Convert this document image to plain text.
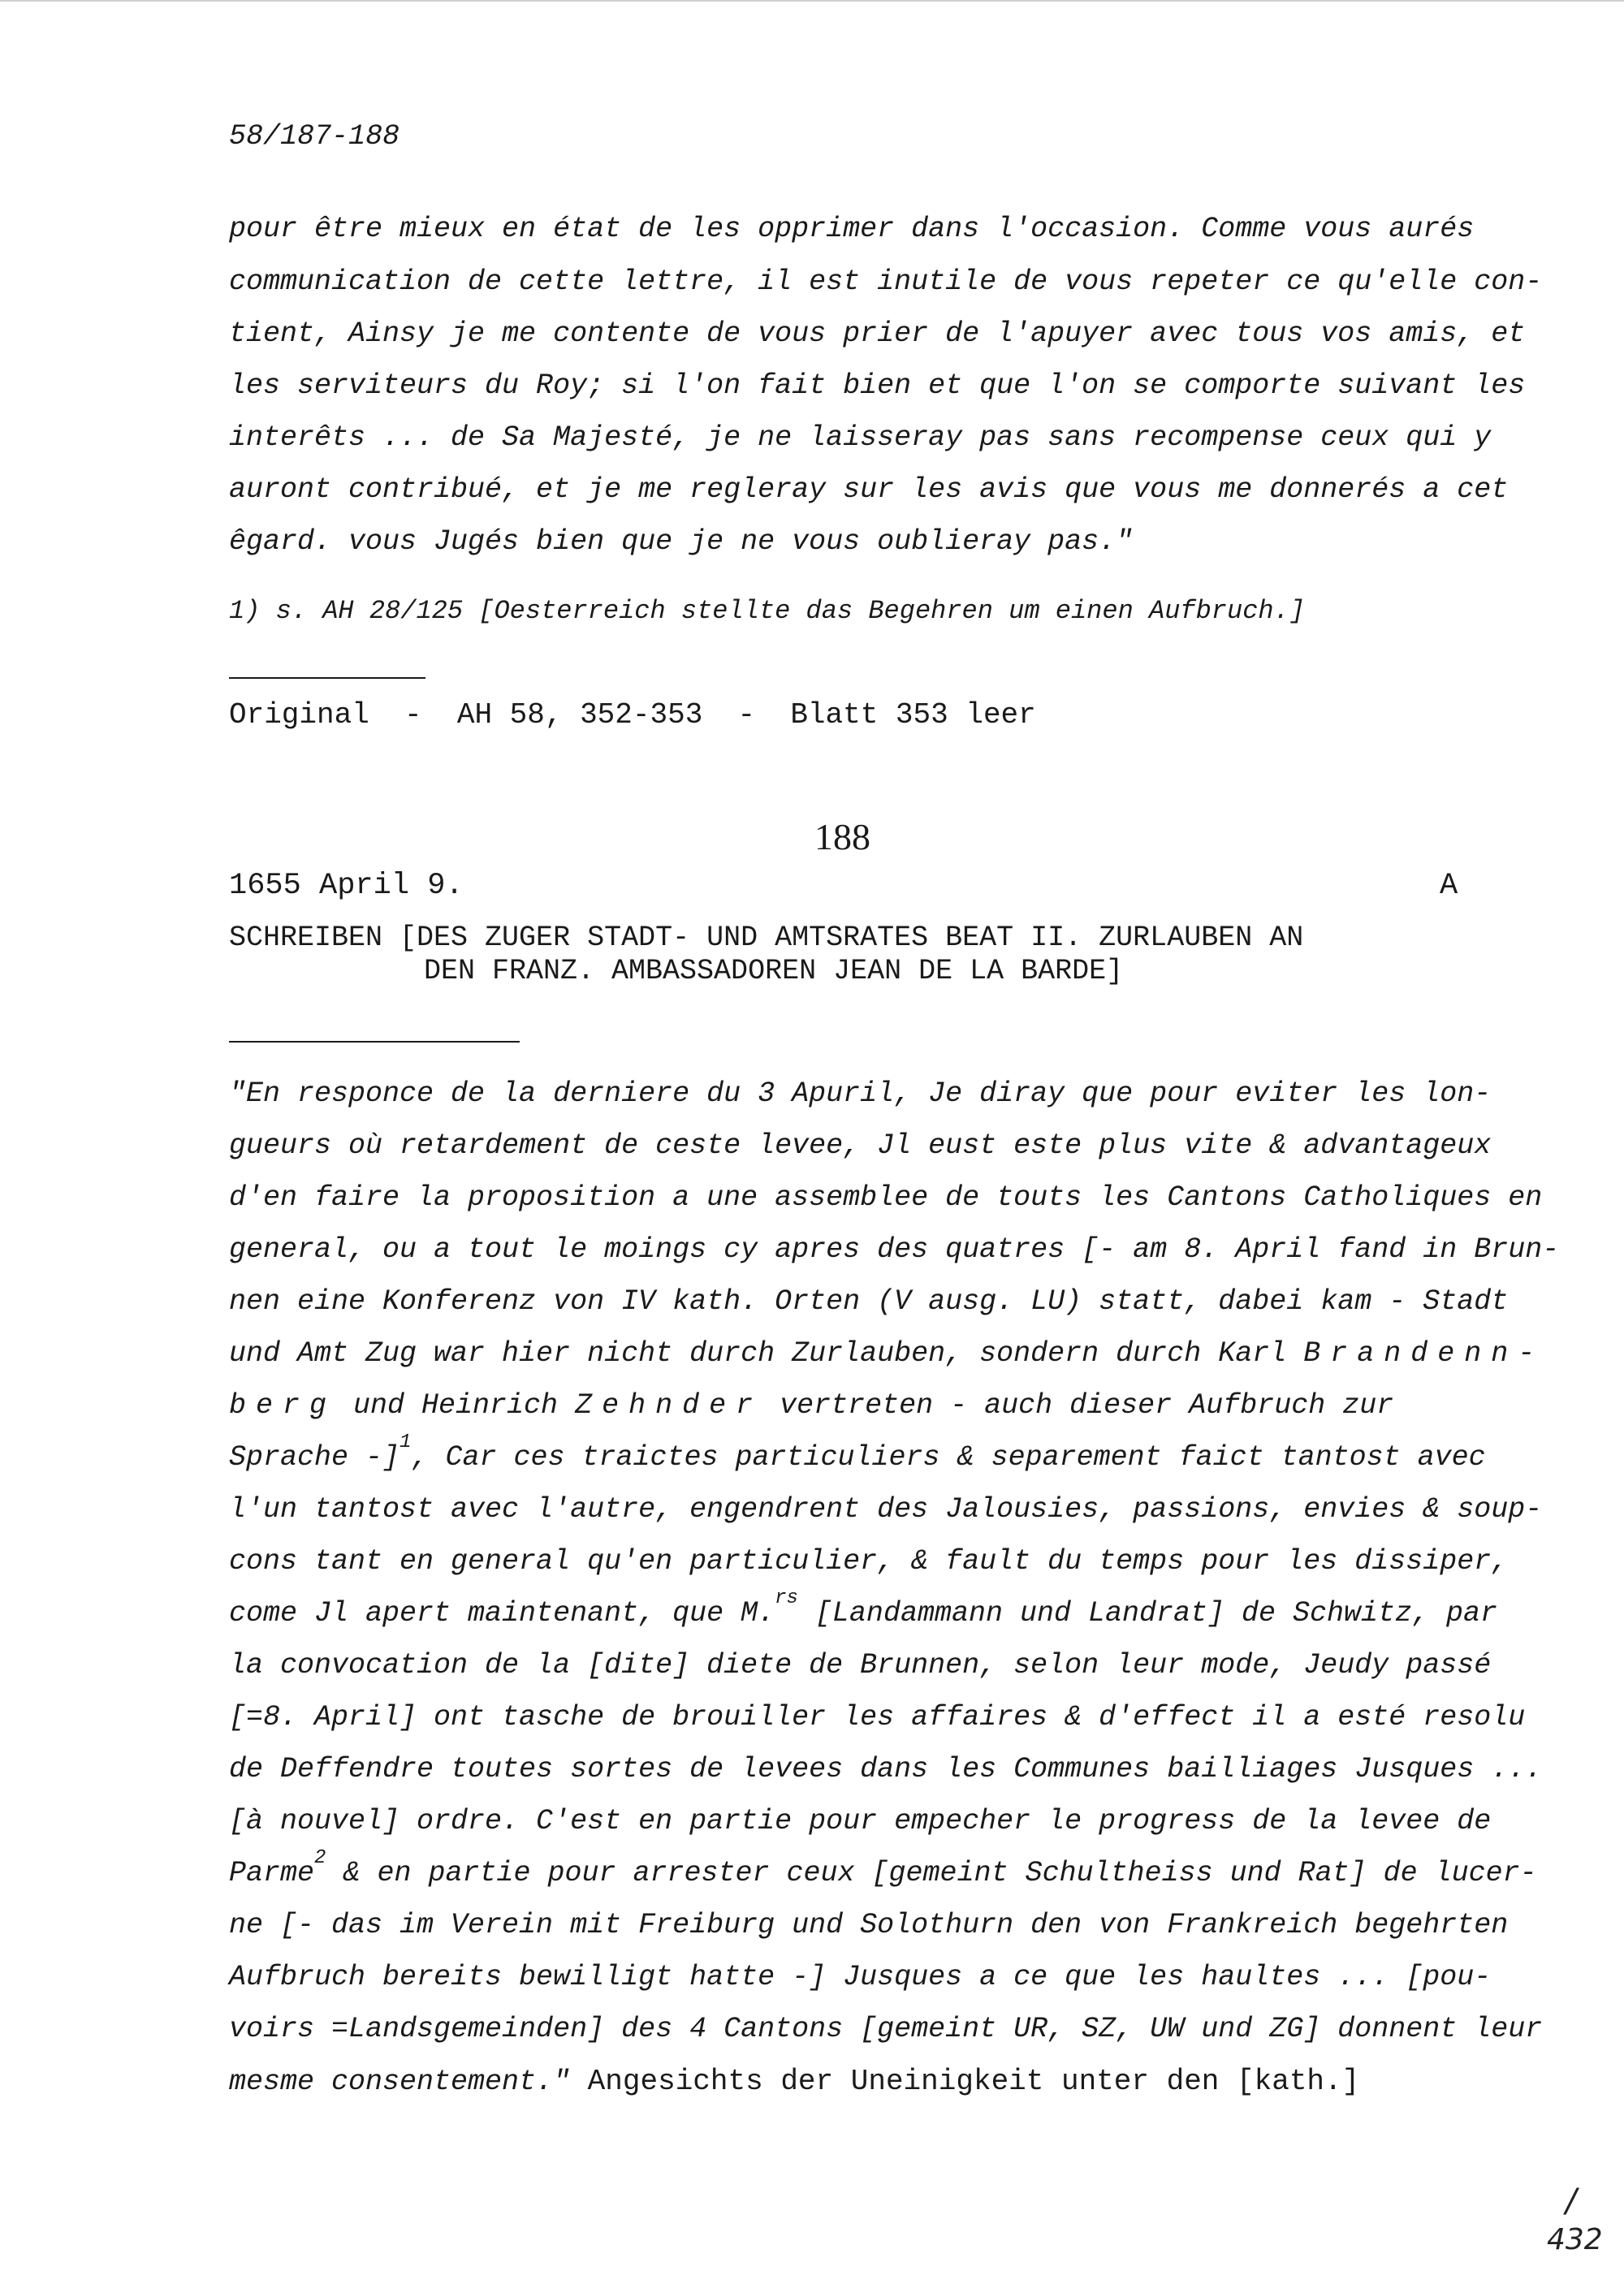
58/187-188
pour être mieux en état de les opprimer dans l'occasion. Comme vous aurés
communication de cette lettre, il est inutile de vous repeter ce qu'elle con-
tient, Ainsy je me contente de vous prier de l'apuyer avec tous vos amis, et
les serviteurs du Roy; si l'on fait bien et que l'on se comporte suivant les
interêts ... de Sa Majesté, je ne laisseray pas sans recompense ceux qui y
auront contribué, et je me regleray sur les avis que vous me donnerés a cet
êgard. vous Jugés bien que je ne vous oublieray pas."
1) s. AH 28/125 [Oesterreich stellte das Begehren um einen Aufbruch.]
Original  -  AH 58, 352-353  -  Blatt 353 leer
188
1655 April 9.	A
SCHREIBEN [DES ZUGER STADT- UND AMTSRATES BEAT II. ZURLAUBEN AN
DEN FRANZ. AMBASSADOREN JEAN DE LA BARDE]
"En responce de la derniere du 3 Apuril, Je diray que pour eviter les lon-
gueurs où retardement de ceste levee, Jl eust este plus vite & advantageux
d'en faire la proposition a une assemblee de touts les Cantons Catholiques en
general, ou a tout le moings cy apres des quatres [- am 8. April fand in Brun-
nen eine Konferenz von IV kath. Orten (V ausg. LU) statt, dabei kam - Stadt
und Amt Zug war hier nicht durch Zurlauben, sondern durch Karl Brandenn-
berg und Heinrich Zehnder vertreten - auch dieser Aufbruch zur
Sprache -]$^1$, Car ces traictes particuliers & separement faict tantost avec
l'un tantost avec l'autre, engendrent des Jalousies, passions, envies & soup-
cons tant en general qu'en particulier, & fault du temps pour les dissiper,
come Jl apert maintenant, que M.$^{rs}$ [Landammann und Landrat] de Schwitz, par
la convocation de la [dite] diete de Brunnen, selon leur mode, Jeudy passé
[=8. April] ont tasche de brouiller les affaires & d'effect il a esté resolu
de Deffendre toutes sortes de levees dans les Communes bailliages Jusques ...
[à nouvel] ordre. C'est en partie pour empecher le progress de la levee de
Parme$^2$ & en partie pour arrester ceux [gemeint Schultheiss und Rat] de lucer-
ne [- das im Verein mit Freiburg und Solothurn den von Frankreich begehrten
Aufbruch bereits bewilligt hatte -] Jusques a ce que les haultes ... [pou-
voirs =Landsgemeinden] des 4 Cantons [gemeint UR, SZ, UW und ZG] donnent leur
mesme consentement." Angesichts der Uneinigkeit unter den [kath.]
/
432
